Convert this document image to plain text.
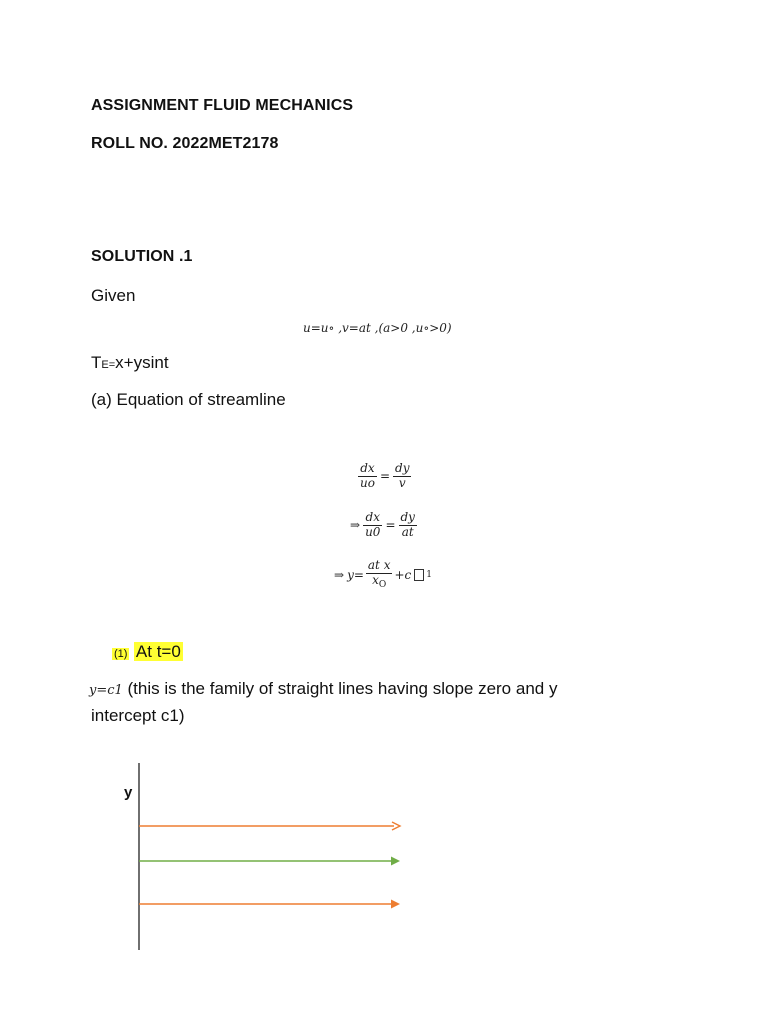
ASSIGNMENT FLUID MECHANICS
ROLL NO. 2022MET2178
SOLUTION .1
Given
u=u∘ ,v=at ,(a>0 ,u∘>0)
TE=x+ysint
(a) Equation of streamline
$\frac{dx}{uo} = \frac{dy}{v}$
⇒ $\frac{dx}{u0} = \frac{dy}{at}$
⇒ $y= \frac{\text{at x}}{x_O} +c$ 1
(1) At t=0
y=c1 (this is the family of straight lines having slope zero and y
intercept c1)
y
